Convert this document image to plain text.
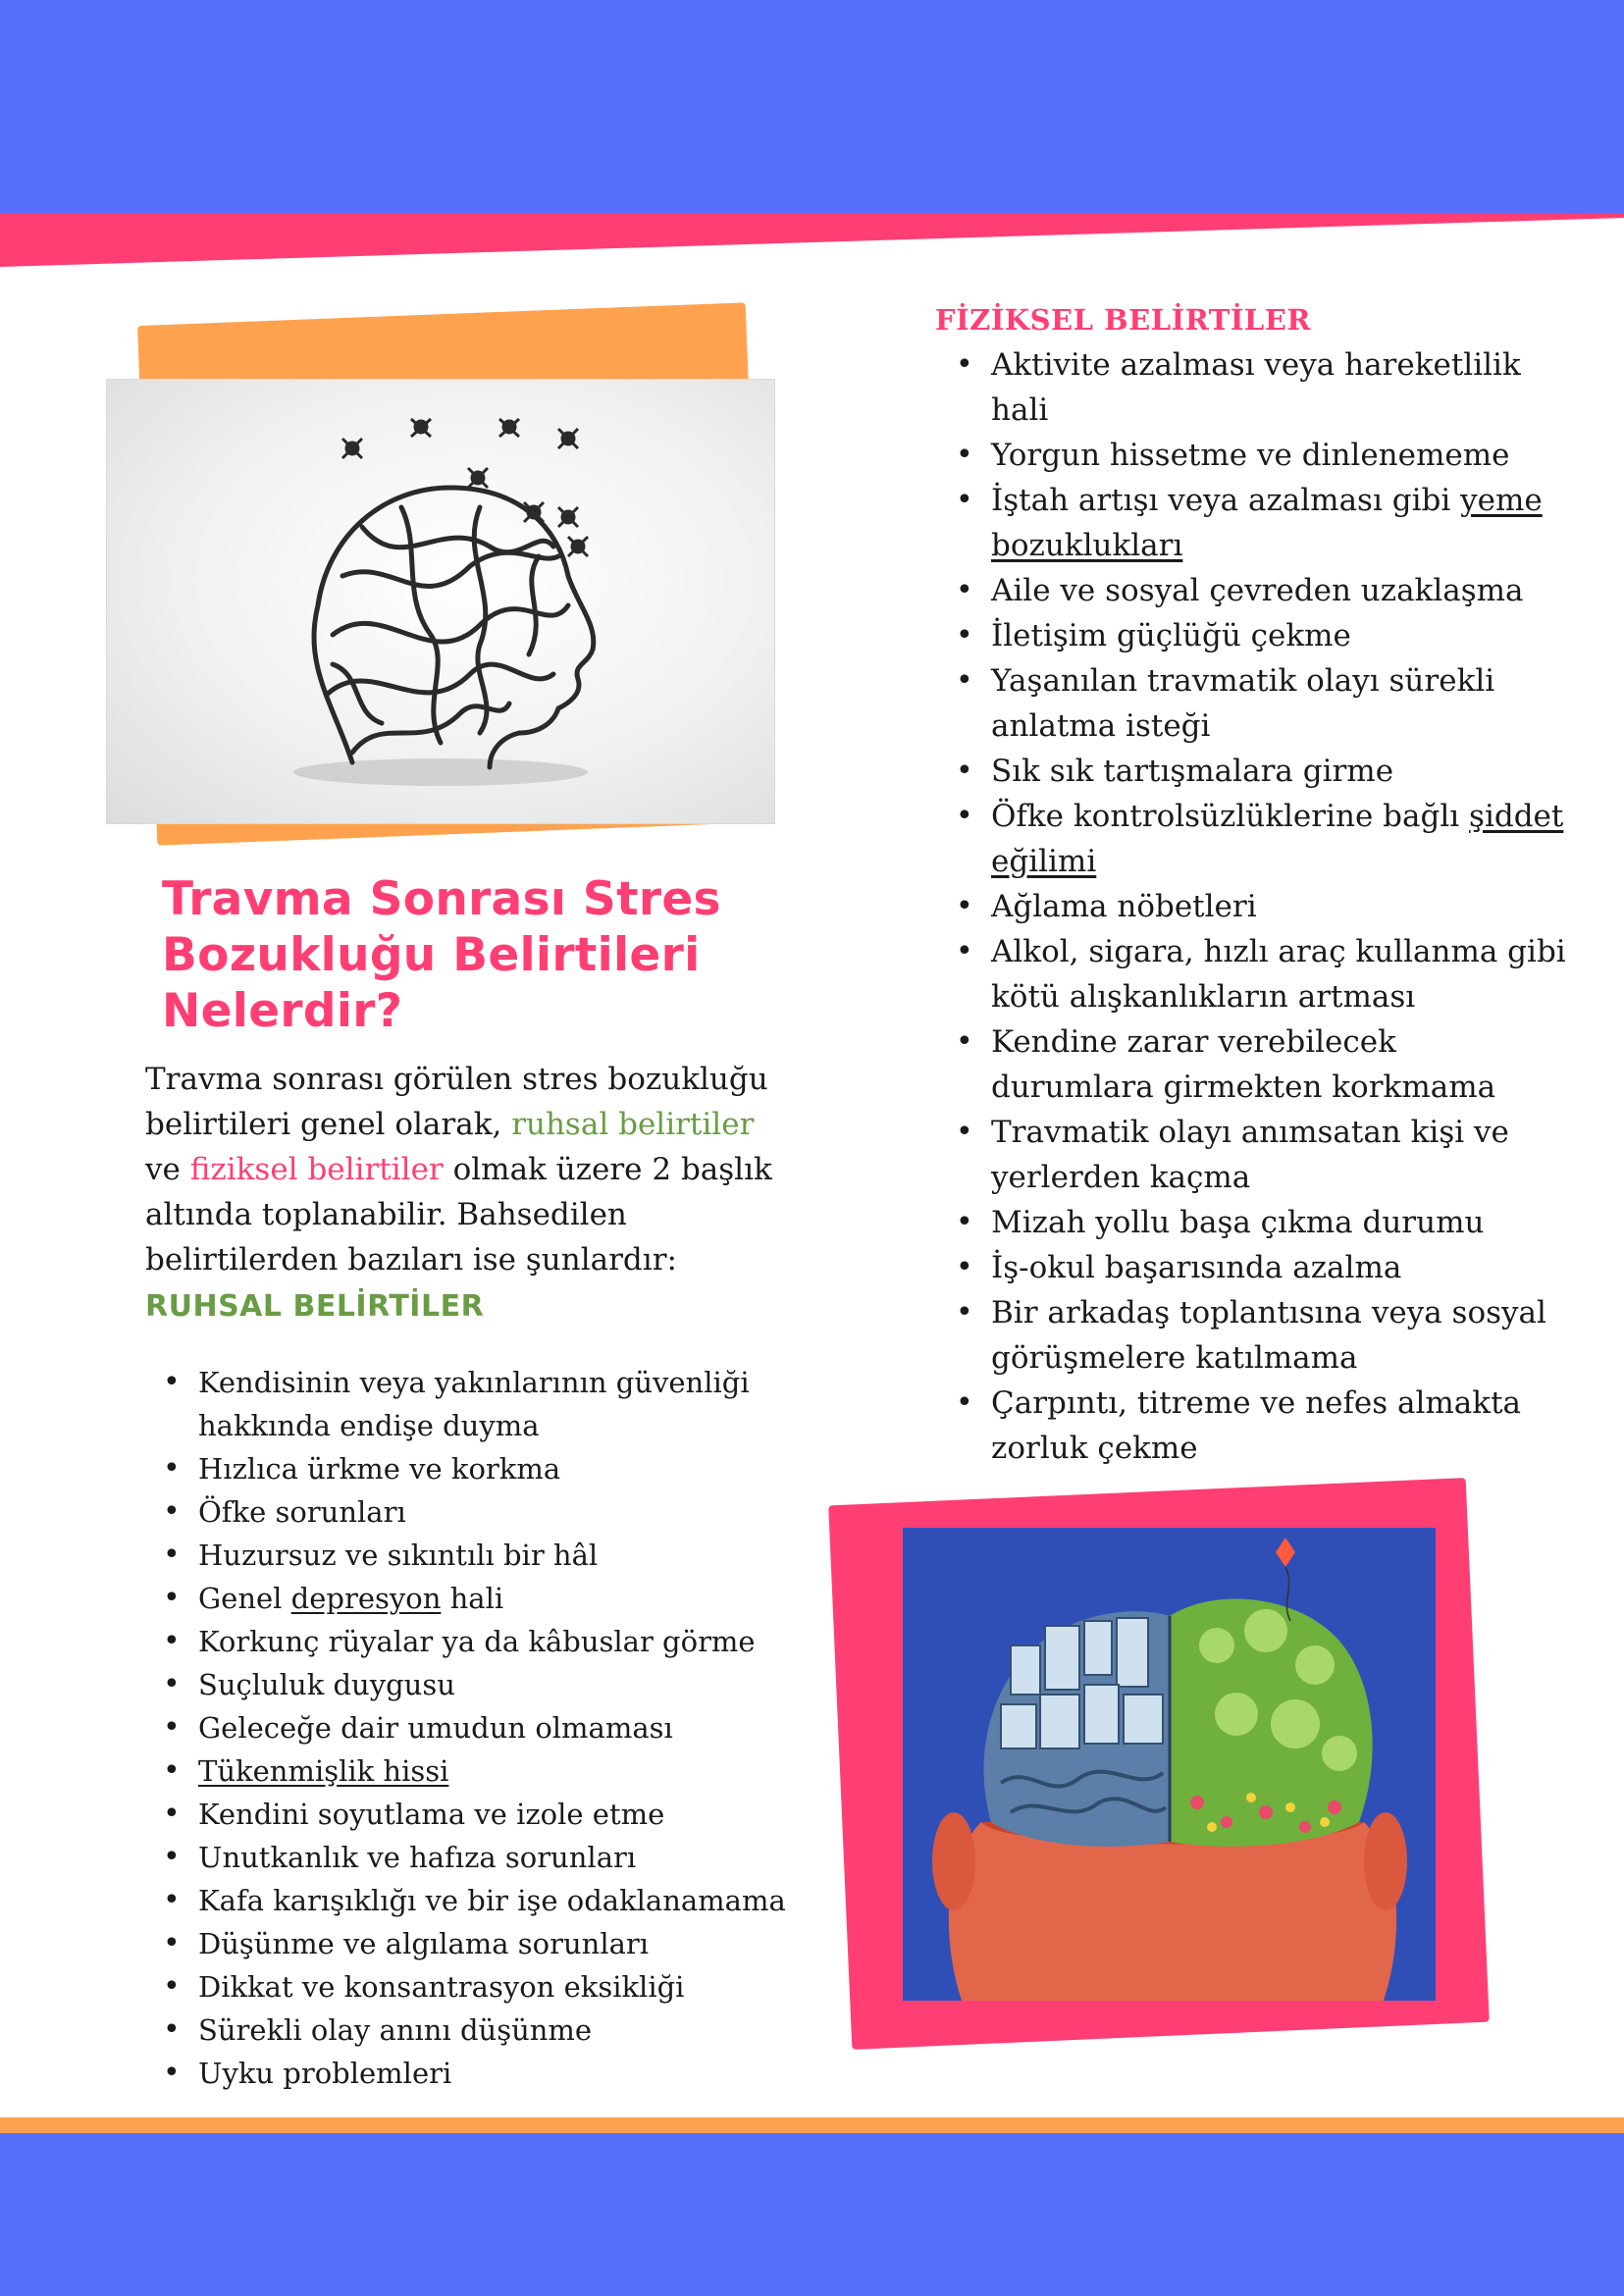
Travma Sonrası Stres
Bozukluğu Belirtileri
Nelerdir?

Travma sonrası görülen stres bozukluğu belirtileri genel olarak, ruhsal belirtiler ve fiziksel belirtiler olmak üzere 2 başlık altında toplanabilir. Bahsedilen belirtilerden bazıları ise şunlardır:

RUHSAL BELİRTİLER
• Kendisinin veya yakınlarının güvenliği hakkında endişe duyma
• Hızlıca ürkme ve korkma
• Öfke sorunları
• Huzursuz ve sıkıntılı bir hâl
• Genel depresyon hali
• Korkunç rüyalar ya da kâbuslar görme
• Suçluluk duygusu
• Geleceğe dair umudun olmaması
• Tükenmişlik hissi
• Kendini soyutlama ve izole etme
• Unutkanlık ve hafıza sorunları
• Kafa karışıklığı ve bir işe odaklanamama
• Düşünme ve algılama sorunları
• Dikkat ve konsantrasyon eksikliği
• Sürekli olay anını düşünme
• Uyku problemleri
FİZİKSEL BELİRTİLER
• Aktivite azalması veya hareketlilik hali
• Yorgun hissetme ve dinlenememe
• İştah artışı veya azalması gibi yeme bozuklukları
• Aile ve sosyal çevreden uzaklaşma
• İletişim güçlüğü çekme
• Yaşanılan travmatik olayı sürekli anlatma isteği
• Sık sık tartışmalara girme
• Öfke kontrolsüzlüklerine bağlı şiddet eğilimi
• Ağlama nöbetleri
• Alkol, sigara, hızlı araç kullanma gibi kötü alışkanlıkların artması
• Kendine zarar verebilecek durumlara girmekten korkmama
• Travmatik olayı anımsatan kişi ve yerlerden kaçma
• Mizah yollu başa çıkma durumu
• İş-okul başarısında azalma
• Bir arkadaş toplantısına veya sosyal görüşmelere katılmama
• Çarpıntı, titreme ve nefes almakta zorluk çekme
